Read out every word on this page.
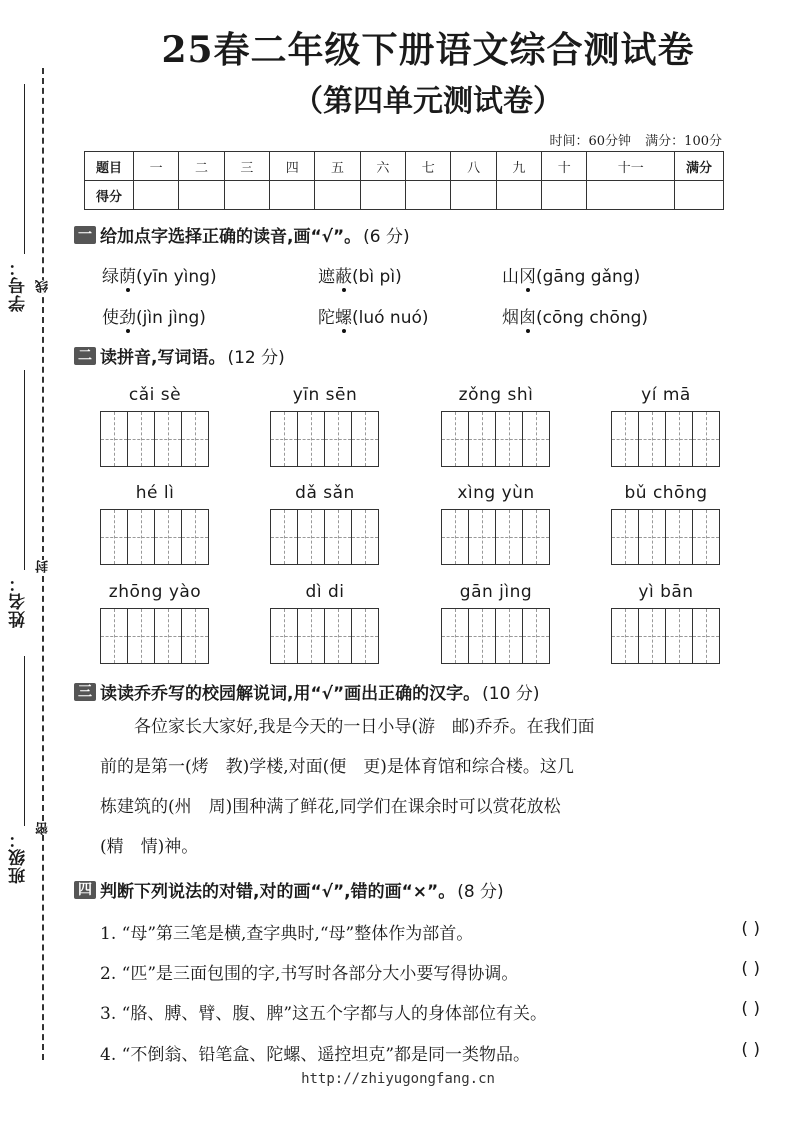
学号：
姓名：
班级：
线
封
密
25春二年级下册语文综合测试卷
（第四单元测试卷）
时间：60分钟 满分：100分
题目	一	二	三	四	五	六	七	八	九	十	十一	满分
得分												
一 给加点字选择正确的读音,画“√”。 (6 分)
绿荫(yīn yìng)	遮蔽(bì pì)	山冈(gāng gǎng)
使劲(jìn jìng)	陀螺(luó nuó)	烟囱(cōng chōng)
二 读拼音,写词语。 (12 分)
cǎi sè	yīn sēn	zǒng shì	yí mā
hé lì	dǎ sǎn	xìng yùn	bǔ chōng
zhōng yào	dì di	gān jìng	yì bān
三 读读乔乔写的校园解说词,用“√”画出正确的汉字。 (10 分)
各位家长大家好,我是今天的一日小导(游　邮)乔乔。在我们面
前的是第一(烤　教)学楼,对面(便　更)是体育馆和综合楼。这几
栋建筑的(州　周)围种满了鲜花,同学们在课余时可以赏花放松
(精　情)神。
四 判断下列说法的对错,对的画“√”,错的画“×”。 (8 分)
1. “母”第三笔是横,查字典时,“母”整体作为部首。	( )
2. “匹”是三面包围的字,书写时各部分大小要写得协调。	( )
3. “胳、膊、臂、腹、脾”这五个字都与人的身体部位有关。	( )
4. “不倒翁、铅笔盒、陀螺、遥控坦克”都是同一类物品。	( )
http://zhiyugongfang.cn
